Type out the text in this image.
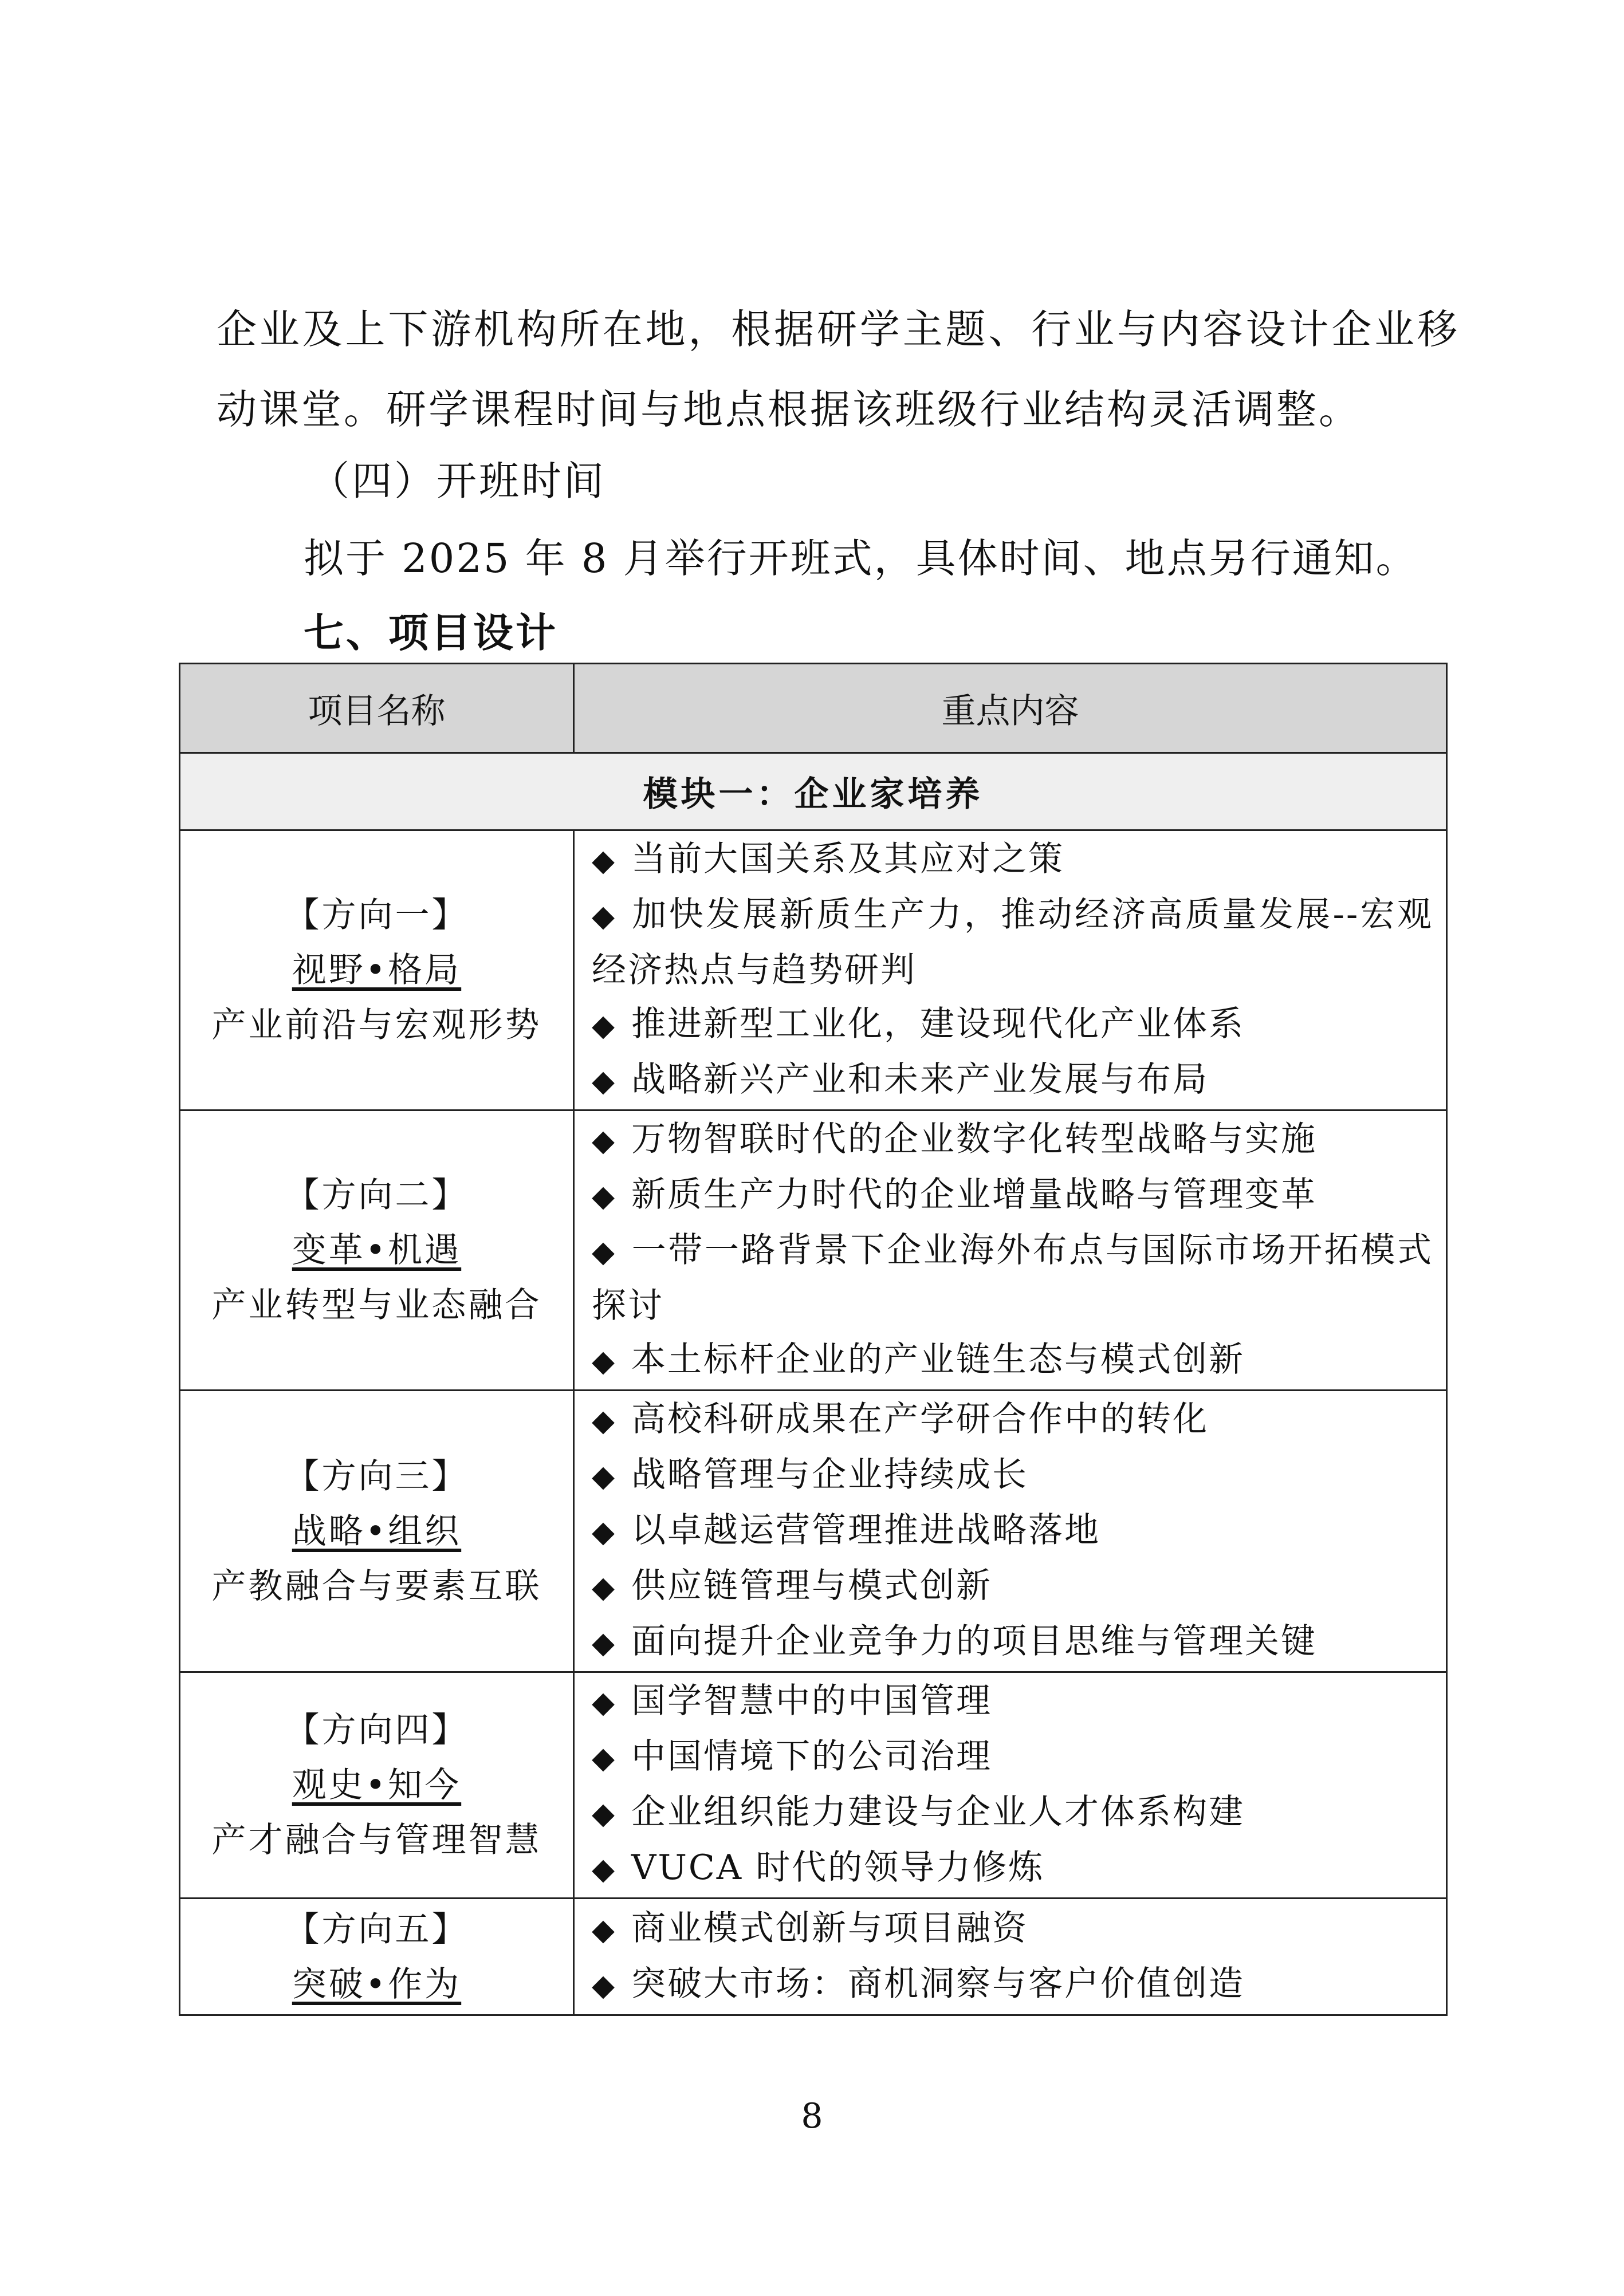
企业及上下游机构所在地，根据研学主题、行业与内容设计企业移动课堂。研学课程时间与地点根据该班级行业结构灵活调整。
（四）开班时间
拟于 2025 年 8 月举行开班式，具体时间、地点另行通知。
七、项目设计
项目名称	重点内容
模块一：企业家培养	

【方向一】
视野•格局
产业前沿与宏观形势	◆ 当前大国关系及其应对之策
◆ 加快发展新质生产力，推动经济高质量发展--宏观经济热点与趋势研判
◆ 推进新型工业化，建设现代化产业体系
◆ 战略新兴产业和未来产业发展与布局

【方向二】
变革•机遇
产业转型与业态融合	◆ 万物智联时代的企业数字化转型战略与实施
◆ 新质生产力时代的企业增量战略与管理变革
◆ 一带一路背景下企业海外布点与国际市场开拓模式探讨
◆ 本土标杆企业的产业链生态与模式创新

【方向三】
战略•组织
产教融合与要素互联	◆ 高校科研成果在产学研合作中的转化
◆ 战略管理与企业持续成长
◆ 以卓越运营管理推进战略落地
◆ 供应链管理与模式创新
◆ 面向提升企业竞争力的项目思维与管理关键

【方向四】
观史•知今
产才融合与管理智慧	◆ 国学智慧中的中国管理
◆ 中国情境下的公司治理
◆ 企业组织能力建设与企业人才体系构建
◆ VUCA 时代的领导力修炼

【方向五】
突破•作为	◆ 商业模式创新与项目融资
◆ 突破大市场：商机洞察与客户价值创造
8
